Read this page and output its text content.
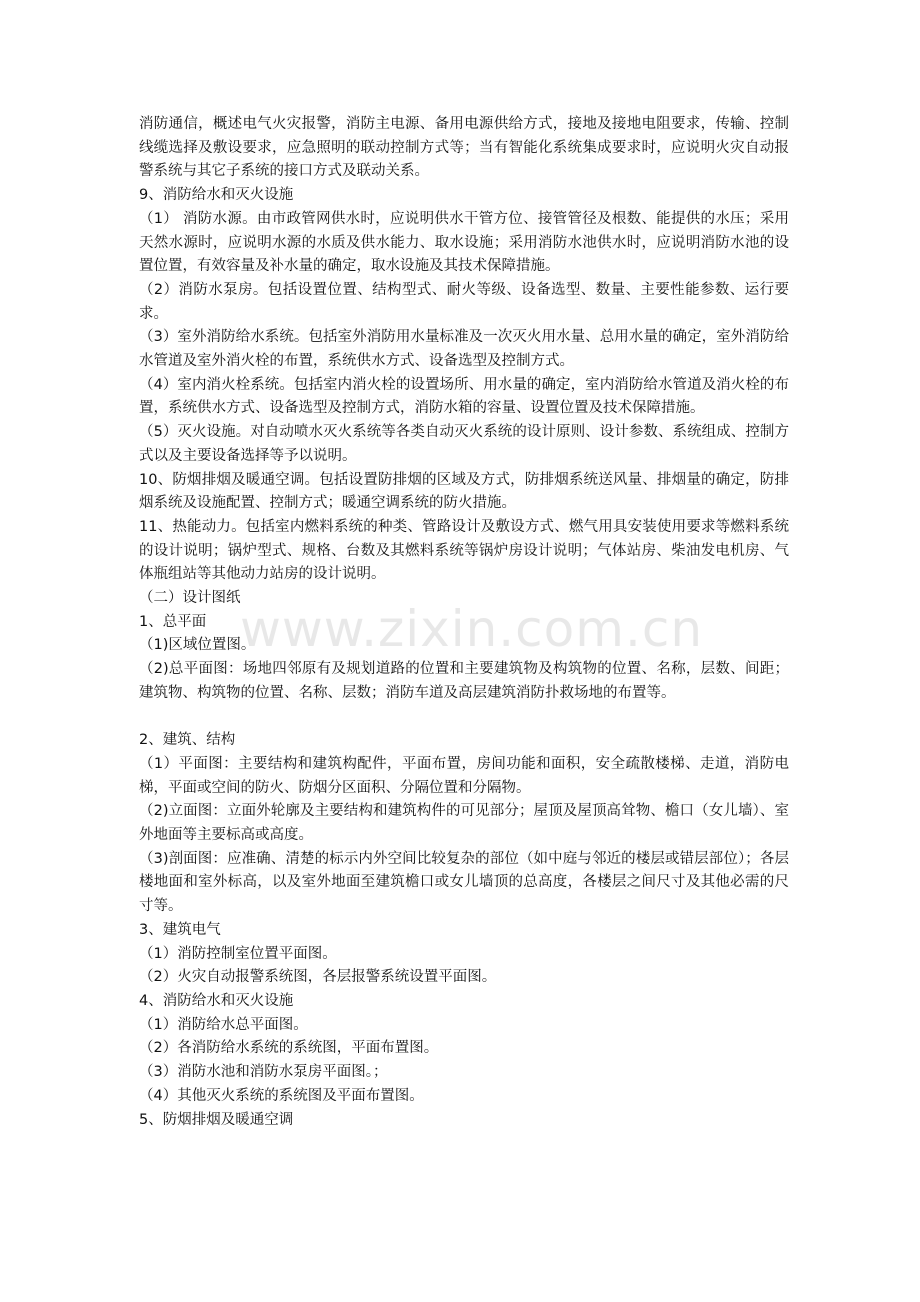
消防通信，概述电气火灾报警，消防主电源、备用电源供给方式，接地及接地电阻要求，传输、控制线缆选择及敷设要求，应急照明的联动控制方式等；当有智能化系统集成要求时，应说明火灾自动报警系统与其它子系统的接口方式及联动关系。

9、消防给水和灭火设施

（1） 消防水源。由市政管网供水时，应说明供水干管方位、接管管径及根数、能提供的水压；采用天然水源时，应说明水源的水质及供水能力、取水设施；采用消防水池供水时，应说明消防水池的设置位置，有效容量及补水量的确定，取水设施及其技术保障措施。

（2）消防水泵房。包括设置位置、结构型式、耐火等级、设备选型、数量、主要性能参数、运行要求。

（3）室外消防给水系统。包括室外消防用水量标准及一次灭火用水量、总用水量的确定，室外消防给水管道及室外消火栓的布置，系统供水方式、设备选型及控制方式。

（4）室内消火栓系统。包括室内消火栓的设置场所、用水量的确定，室内消防给水管道及消火栓的布置，系统供水方式、设备选型及控制方式，消防水箱的容量、设置位置及技术保障措施。

（5）灭火设施。对自动喷水灭火系统等各类自动灭火系统的设计原则、设计参数、系统组成、控制方式以及主要设备选择等予以说明。

10、防烟排烟及暖通空调。包括设置防排烟的区域及方式，防排烟系统送风量、排烟量的确定，防排烟系统及设施配置、控制方式；暖通空调系统的防火措施。

11、热能动力。包括室内燃料系统的种类、管路设计及敷设方式、燃气用具安装使用要求等燃料系统的设计说明；锅炉型式、规格、台数及其燃料系统等锅炉房设计说明；气体站房、柴油发电机房、气体瓶组站等其他动力站房的设计说明。

（二）设计图纸

1、总平面

（1)区域位置图。

（2)总平面图：场地四邻原有及规划道路的位置和主要建筑物及构筑物的位置、名称，层数、间距；建筑物、构筑物的位置、名称、层数；消防车道及高层建筑消防扑救场地的布置等。

2、建筑、结构

（1）平面图：主要结构和建筑构配件，平面布置，房间功能和面积，安全疏散楼梯、走道，消防电梯，平面或空间的防火、防烟分区面积、分隔位置和分隔物。

（2)立面图：立面外轮廓及主要结构和建筑构件的可见部分；屋顶及屋顶高耸物、檐口（女儿墙）、室外地面等主要标高或高度。

（3)剖面图：应准确、清楚的标示内外空间比较复杂的部位（如中庭与邻近的楼层或错层部位）；各层楼地面和室外标高，以及室外地面至建筑檐口或女儿墙顶的总高度，各楼层之间尺寸及其他必需的尺寸等。

3、建筑电气

（1）消防控制室位置平面图。

（2）火灾自动报警系统图，各层报警系统设置平面图。

4、消防给水和灭火设施

（1）消防给水总平面图。

（2）各消防给水系统的系统图，平面布置图。

（3）消防水池和消防水泵房平面图。；

（4）其他灭火系统的系统图及平面布置图。

5、防烟排烟及暖通空调

www.zixin.com.cn
